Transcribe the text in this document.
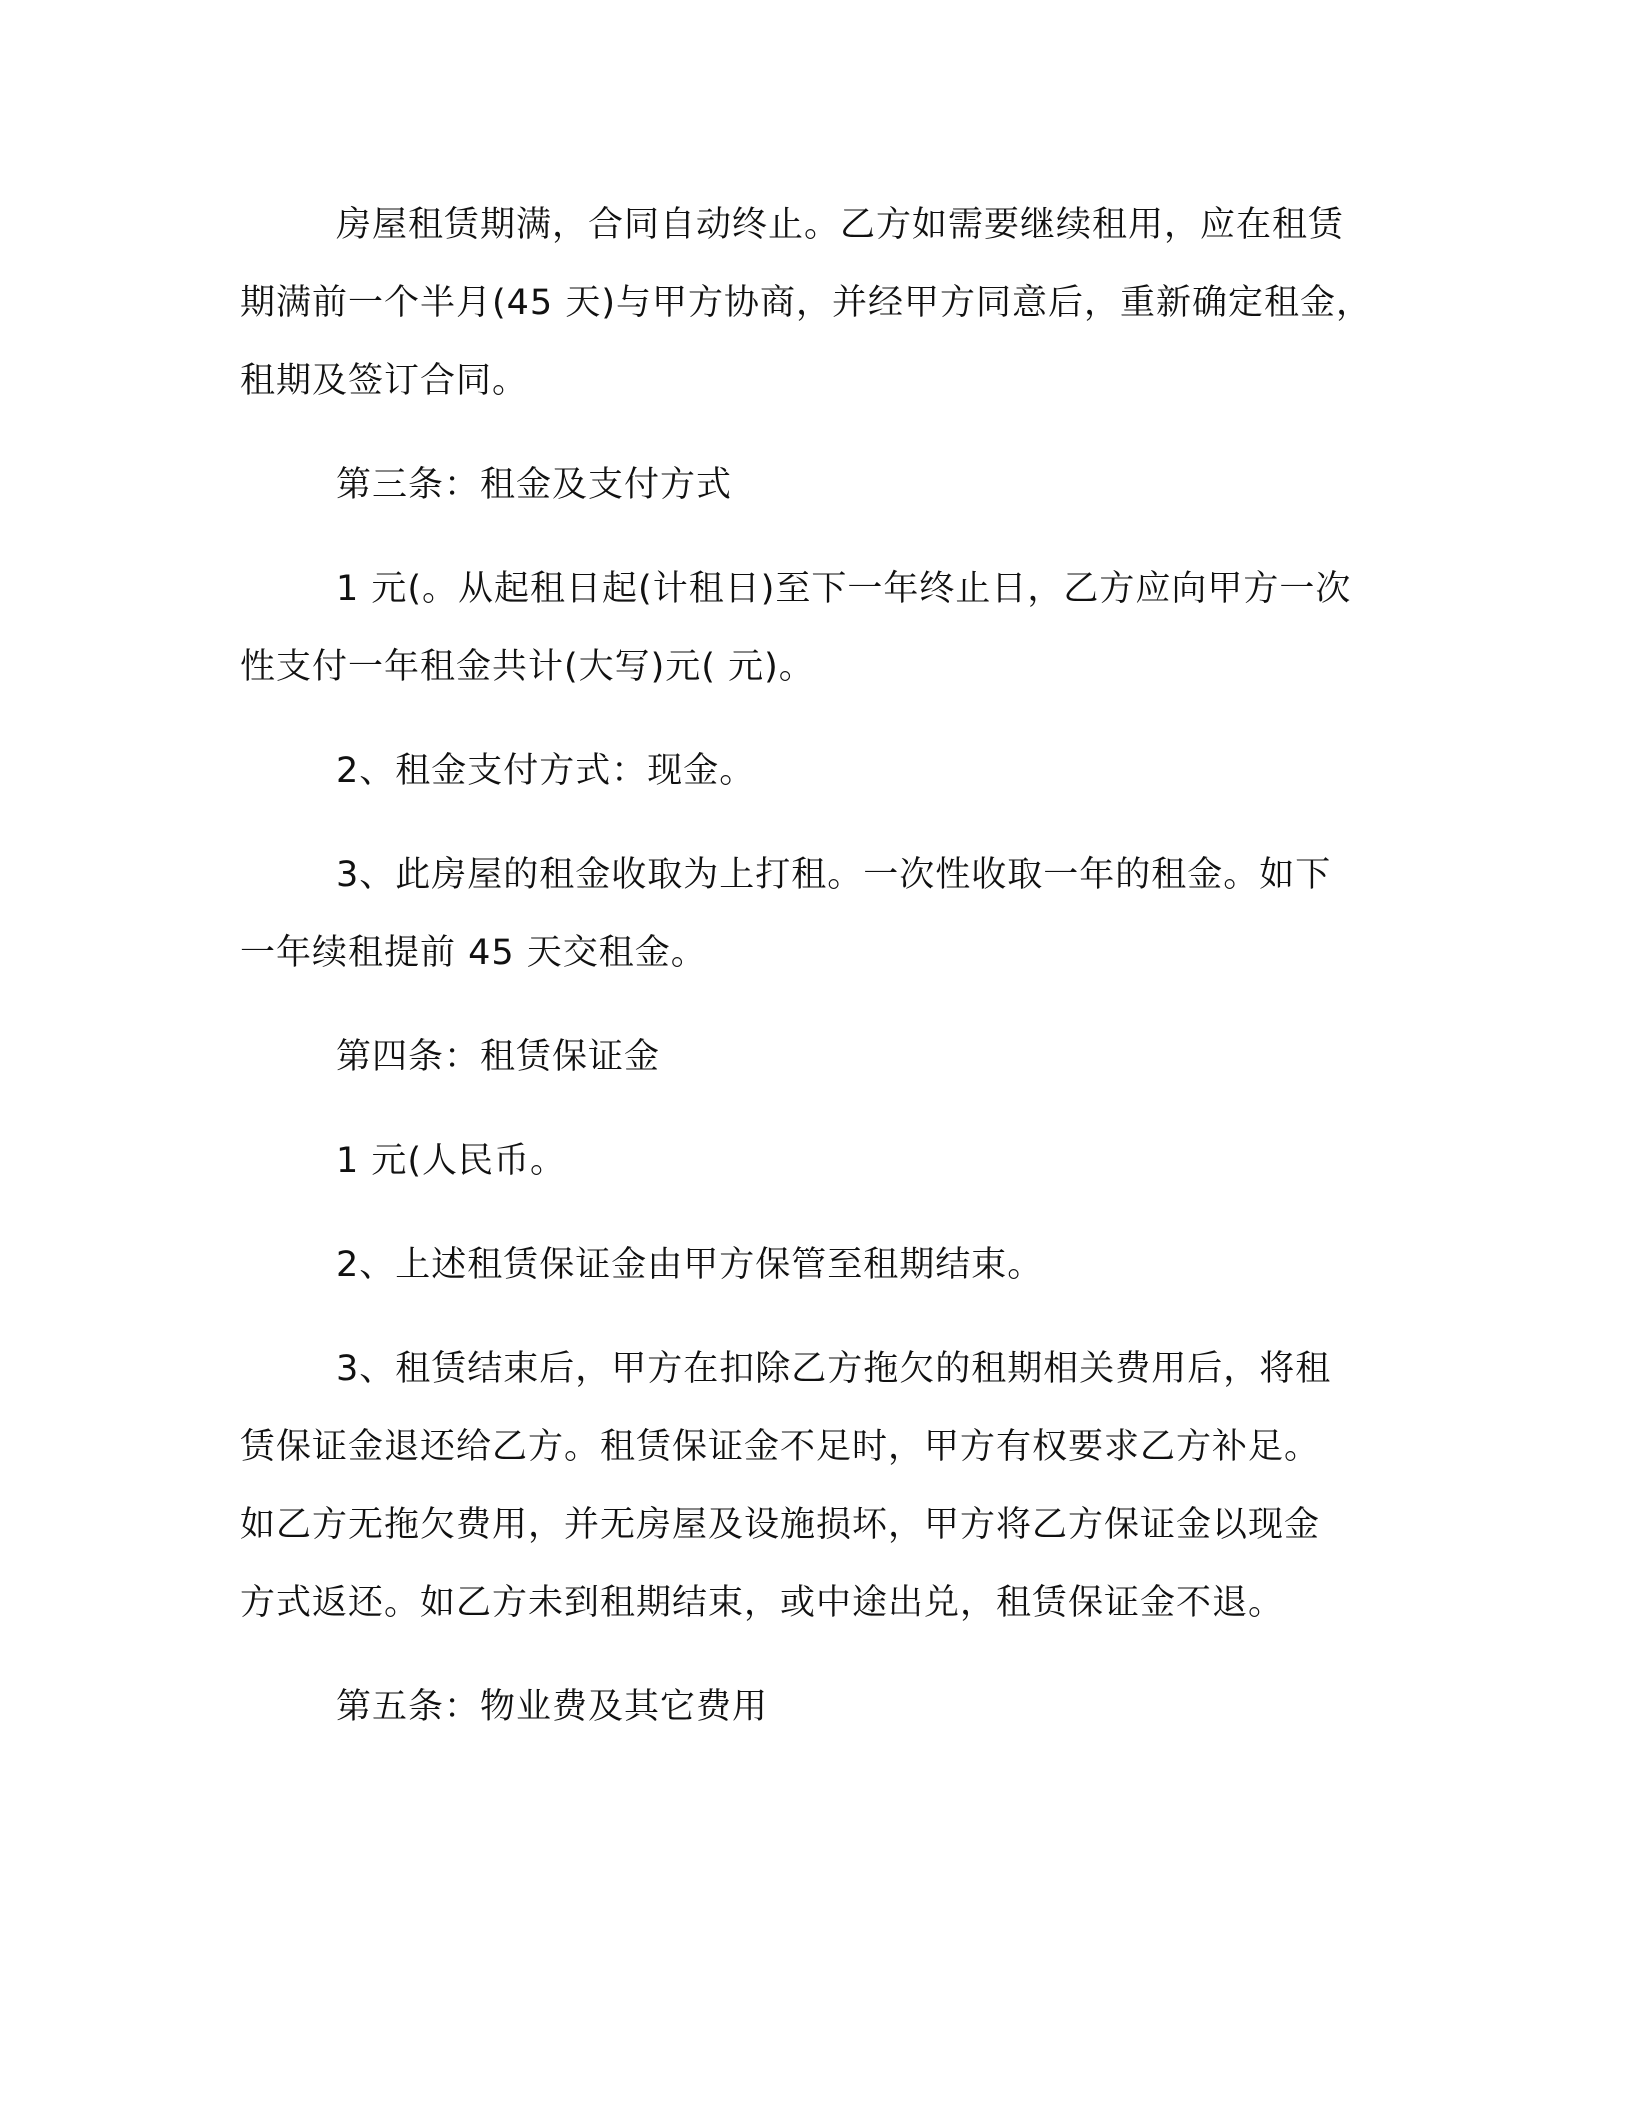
房屋租赁期满，合同自动终止。乙方如需要继续租用，应在租赁
期满前一个半月(45 天)与甲方协商，并经甲方同意后，重新确定租金，
租期及签订合同。

第三条：租金及支付方式

1 元(。从起租日起(计租日)至下一年终止日，乙方应向甲方一次
性支付一年租金共计(大写)元( 元)。

2、租金支付方式：现金。

3、此房屋的租金收取为上打租。一次性收取一年的租金。如下
一年续租提前 45 天交租金。

第四条：租赁保证金

1 元(人民币。

2、上述租赁保证金由甲方保管至租期结束。

3、租赁结束后，甲方在扣除乙方拖欠的租期相关费用后，将租
赁保证金退还给乙方。租赁保证金不足时，甲方有权要求乙方补足。
如乙方无拖欠费用，并无房屋及设施损坏，甲方将乙方保证金以现金
方式返还。如乙方未到租期结束，或中途出兑，租赁保证金不退。

第五条：物业费及其它费用
